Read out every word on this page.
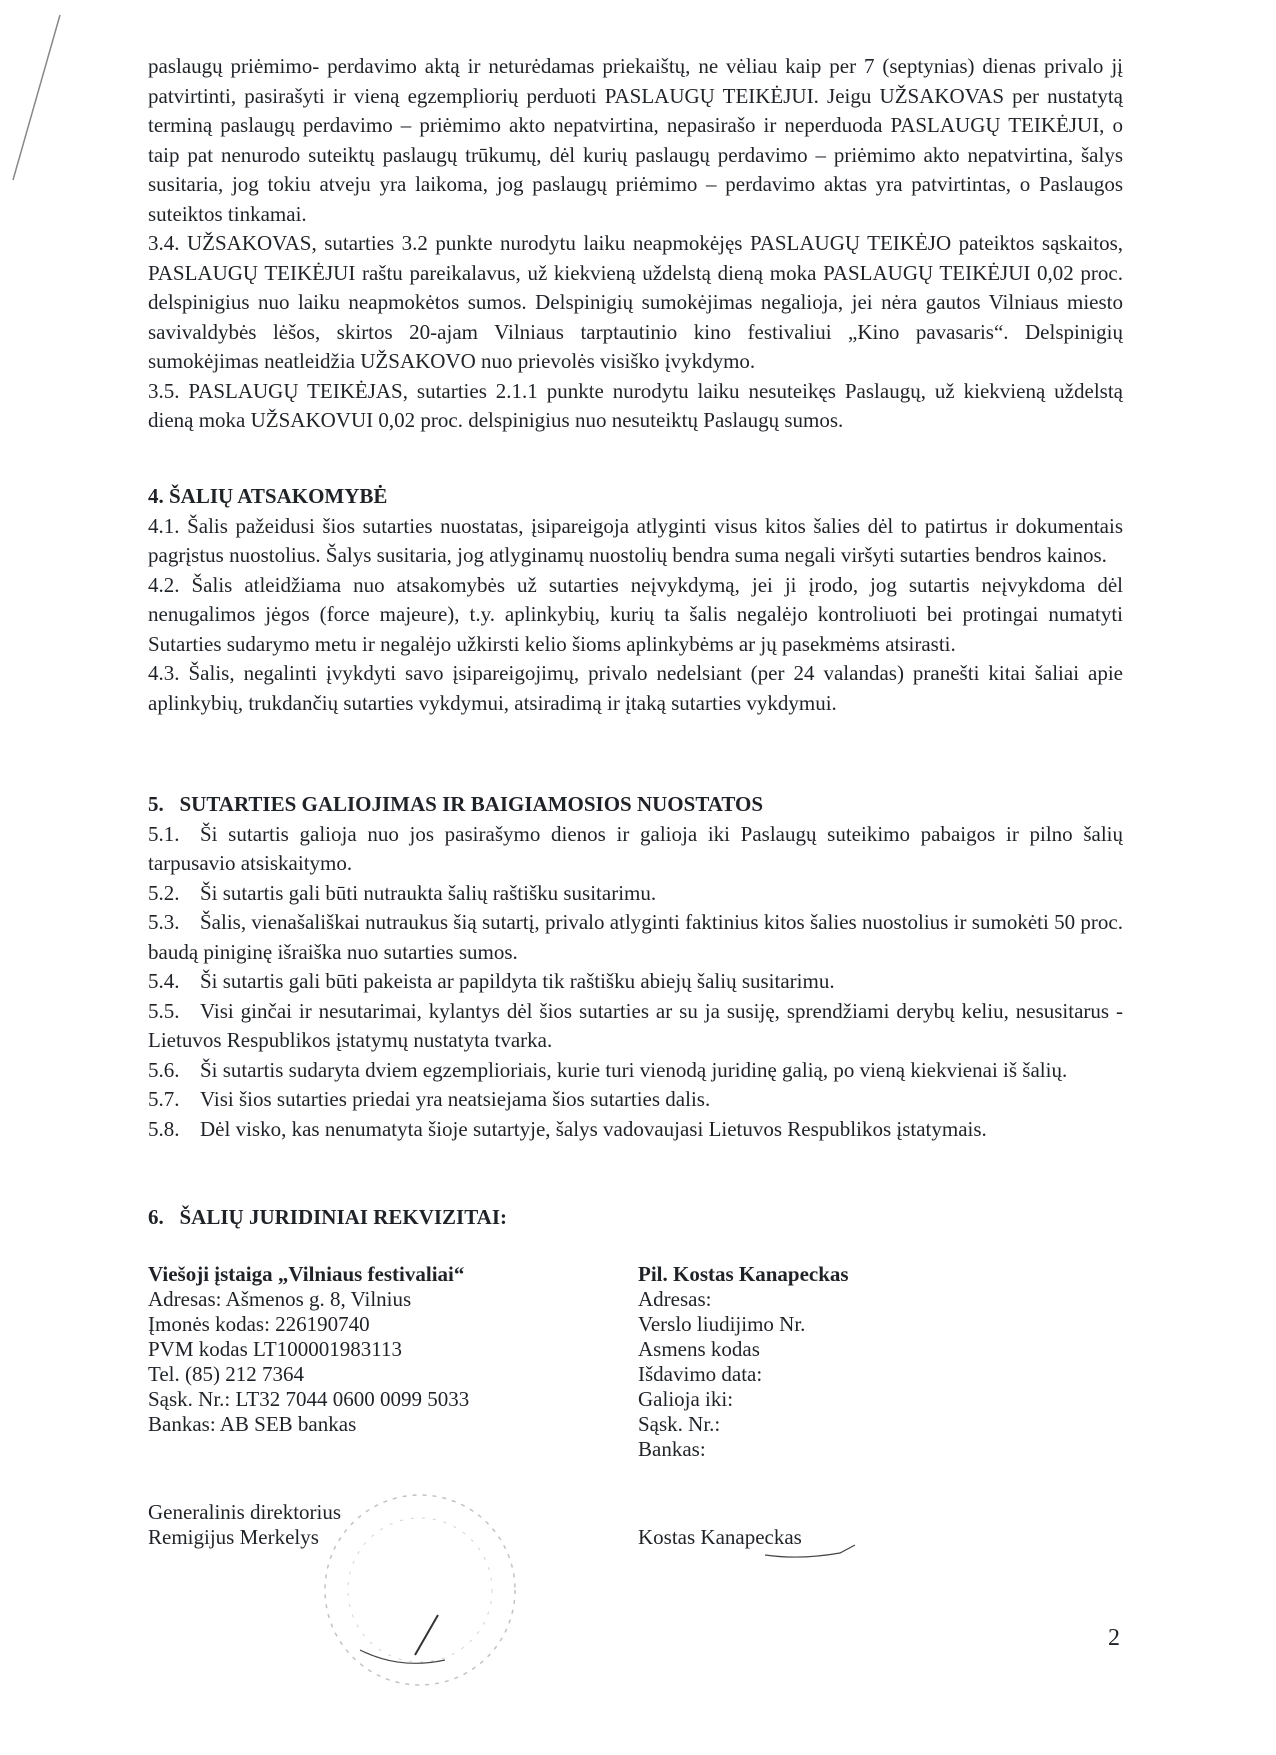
paslaugų priėmimo- perdavimo aktą ir neturėdamas priekaištų, ne vėliau kaip per 7 (septynias) dienas privalo jį patvirtinti, pasirašyti ir vieną egzempliorių perduoti PASLAUGŲ TEIKĖJUI. Jeigu UŽSAKOVAS per nustatytą terminą paslaugų perdavimo – priėmimo akto nepatvirtina, nepasirašo ir neperduoda PASLAUGŲ TEIKĖJUI, o taip pat nenurodo suteiktų paslaugų trūkumų, dėl kurių paslaugų perdavimo – priėmimo akto nepatvirtina, šalys susitaria, jog tokiu atveju yra laikoma, jog paslaugų priėmimo – perdavimo aktas yra patvirtintas, o Paslaugos suteiktos tinkamai.

3.4. UŽSAKOVAS, sutarties 3.2 punkte nurodytu laiku neapmokėjęs PASLAUGŲ TEIKĖJO pateiktos sąskaitos, PASLAUGŲ TEIKĖJUI raštu pareikalavus, už kiekvieną uždelstą dieną moka PASLAUGŲ TEIKĖJUI 0,02 proc. delspinigius nuo laiku neapmokėtos sumos. Delspinigių sumokėjimas negalioja, jei nėra gautos Vilniaus miesto savivaldybės lėšos, skirtos 20-ajam Vilniaus tarptautinio kino festivaliui „Kino pavasaris“. Delspinigių sumokėjimas neatleidžia UŽSAKOVO nuo prievolės visiško įvykdymo.

3.5. PASLAUGŲ TEIKĖJAS, sutarties 2.1.1 punkte nurodytu laiku nesuteikęs Paslaugų, už kiekvieną uždelstą dieną moka UŽSAKOVUI 0,02 proc. delspinigius nuo nesuteiktų Paslaugų sumos.

4. ŠALIŲ ATSAKOMYBĖ

4.1. Šalis pažeidusi šios sutarties nuostatas, įsipareigoja atlyginti visus kitos šalies dėl to patirtus ir dokumentais pagrįstus nuostolius. Šalys susitaria, jog atlyginamų nuostolių bendra suma negali viršyti sutarties bendros kainos.

4.2. Šalis atleidžiama nuo atsakomybės už sutarties neįvykdymą, jei ji įrodo, jog sutartis neįvykdoma dėl nenugalimos jėgos (force majeure), t.y. aplinkybių, kurių ta šalis negalėjo kontroliuoti bei protingai numatyti Sutarties sudarymo metu ir negalėjo užkirsti kelio šioms aplinkybėms ar jų pasekmėms atsirasti.

4.3. Šalis, negalinti įvykdyti savo įsipareigojimų, privalo nedelsiant (per 24 valandas) pranešti kitai šaliai apie aplinkybių, trukdančių sutarties vykdymui, atsiradimą ir įtaką sutarties vykdymui.

5.   SUTARTIES GALIOJIMAS IR BAIGIAMOSIOS NUOSTATOS

5.1. Ši sutartis galioja nuo jos pasirašymo dienos ir galioja iki Paslaugų suteikimo pabaigos ir pilno šalių tarpusavio atsiskaitymo.

5.2. Ši sutartis gali būti nutraukta šalių raštišku susitarimu.

5.3. Šalis, vienašališkai nutraukus šią sutartį, privalo atlyginti faktinius kitos šalies nuostolius ir sumokėti 50 proc. baudą piniginę išraiška nuo sutarties sumos.

5.4. Ši sutartis gali būti pakeista ar papildyta tik raštišku abiejų šalių susitarimu.

5.5. Visi ginčai ir nesutarimai, kylantys dėl šios sutarties ar su ja susiję, sprendžiami derybų keliu, nesusitarus - Lietuvos Respublikos įstatymų nustatyta tvarka.

5.6. Ši sutartis sudaryta dviem egzemplioriais, kurie turi vienodą juridinę galią, po vieną kiekvienai iš šalių.

5.7. Visi šios sutarties priedai yra neatsiejama šios sutarties dalis.

5.8. Dėl visko, kas nenumatyta šioje sutartyje, šalys vadovaujasi Lietuvos Respublikos įstatymais.

6.   ŠALIŲ JURIDINIAI REKVIZITAI:

Viešoji įstaiga „Vilniaus festivaliai“
Adresas: Ašmenos g. 8, Vilnius
Įmonės kodas: 226190740
PVM kodas LT100001983113
Tel. (85) 212 7364
Sąsk. Nr.: LT32 7044 0600 0099 5033
Bankas: AB SEB bankas
Pil. Kostas Kanapeckas
Adresas:
Verslo liudijimo Nr.
Asmens kodas
Išdavimo data:
Galioja iki:
Sąsk. Nr.:
Bankas:
Generalinis direktorius
Remigijus Merkelys	Kostas Kanapeckas
2
